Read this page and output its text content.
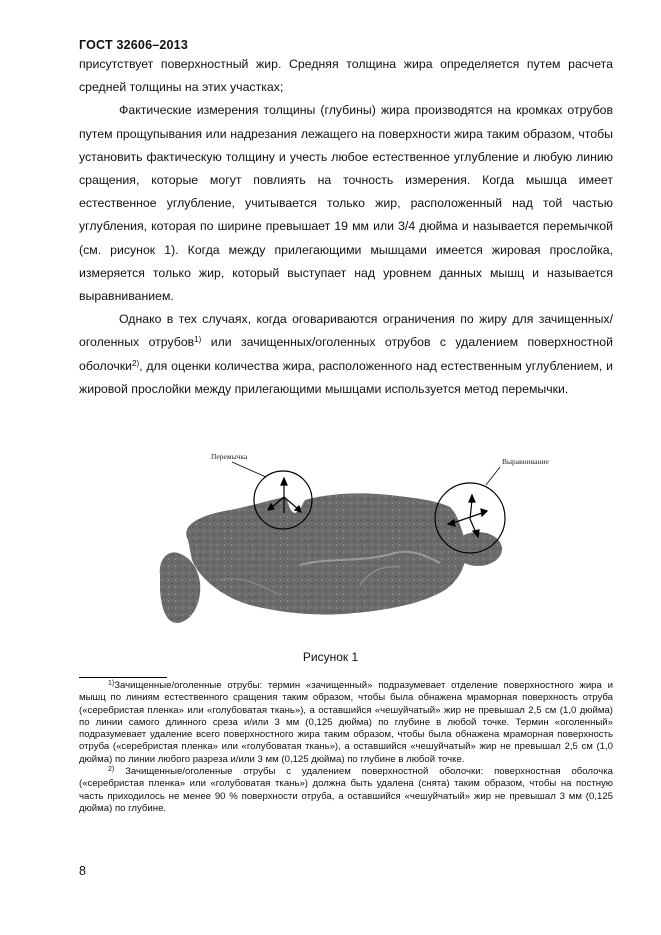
ГОСТ 32606–2013

присутствует поверхностный жир. Средняя толщина жира определяется путем расчета средней толщины на этих участках;

Фактические измерения толщины (глубины) жира производятся на кромках отрубов путем прощупывания или надрезания лежащего на поверхности жира таким образом, чтобы установить фактическую толщину и учесть любое естественное углубление и любую линию сращения, которые могут повлиять на точность измерения. Когда мышца имеет естественное углубление, учитывается только жир, расположенный над той частью углубления, которая по ширине превышает 19 мм или 3/4 дюйма и называется перемычкой (см. рисунок 1). Когда между прилегающими мышцами имеется жировая прослойка, измеряется только жир, который выступает над уровнем данных мышц и называется выравниванием.

Однако в тех случаях, когда оговариваются ограничения по жиру для зачищенных/оголенных отрубов$^{1)}$ или зачищенных/оголенных отрубов с удалением поверхностной оболочки$^{2)}$, для оценки количества жира, расположенного над естественным углублением, и жировой прослойки между прилегающими мышцами используется метод перемычки.

Перемычка
Выравнивание
Рисунок 1

$^{1)}$Зачищенные/оголенные отрубы: термин «зачищенный» подразумевает отделение поверхностного жира и мышц по линиям естественного сращения таким образом, чтобы была обнажена мраморная поверхность отруба («серебристая пленка» или «голубоватая ткань»), а оставшийся «чешуйчатый» жир не превышал 2,5 см (1,0 дюйма) по линии самого длинного среза и/или 3 мм (0,125 дюйма) по глубине в любой точке. Термин «оголенный» подразумевает удаление всего поверхностного жира таким образом, чтобы была обнажена мраморная поверхность отруба («серебристая пленка» или «голубоватая ткань»), а оставшийся «чешуйчатый» жир не превышал 2,5 см (1,0 дюйма) по линии любого разреза и/или 3 мм (0,125 дюйма) по глубине в любой точке.

$^{2)}$ Зачищенные/оголенные отрубы с удалением поверхностной оболочки: поверхностная оболочка («серебристая пленка» или «голубоватая ткань») должна быть удалена (снята) таким образом, чтобы на постную часть приходилось не менее 90 % поверхности отруба, а оставшийся «чешуйчатый» жир не превышал 3 мм (0,125 дюйма) по глубине.

8
